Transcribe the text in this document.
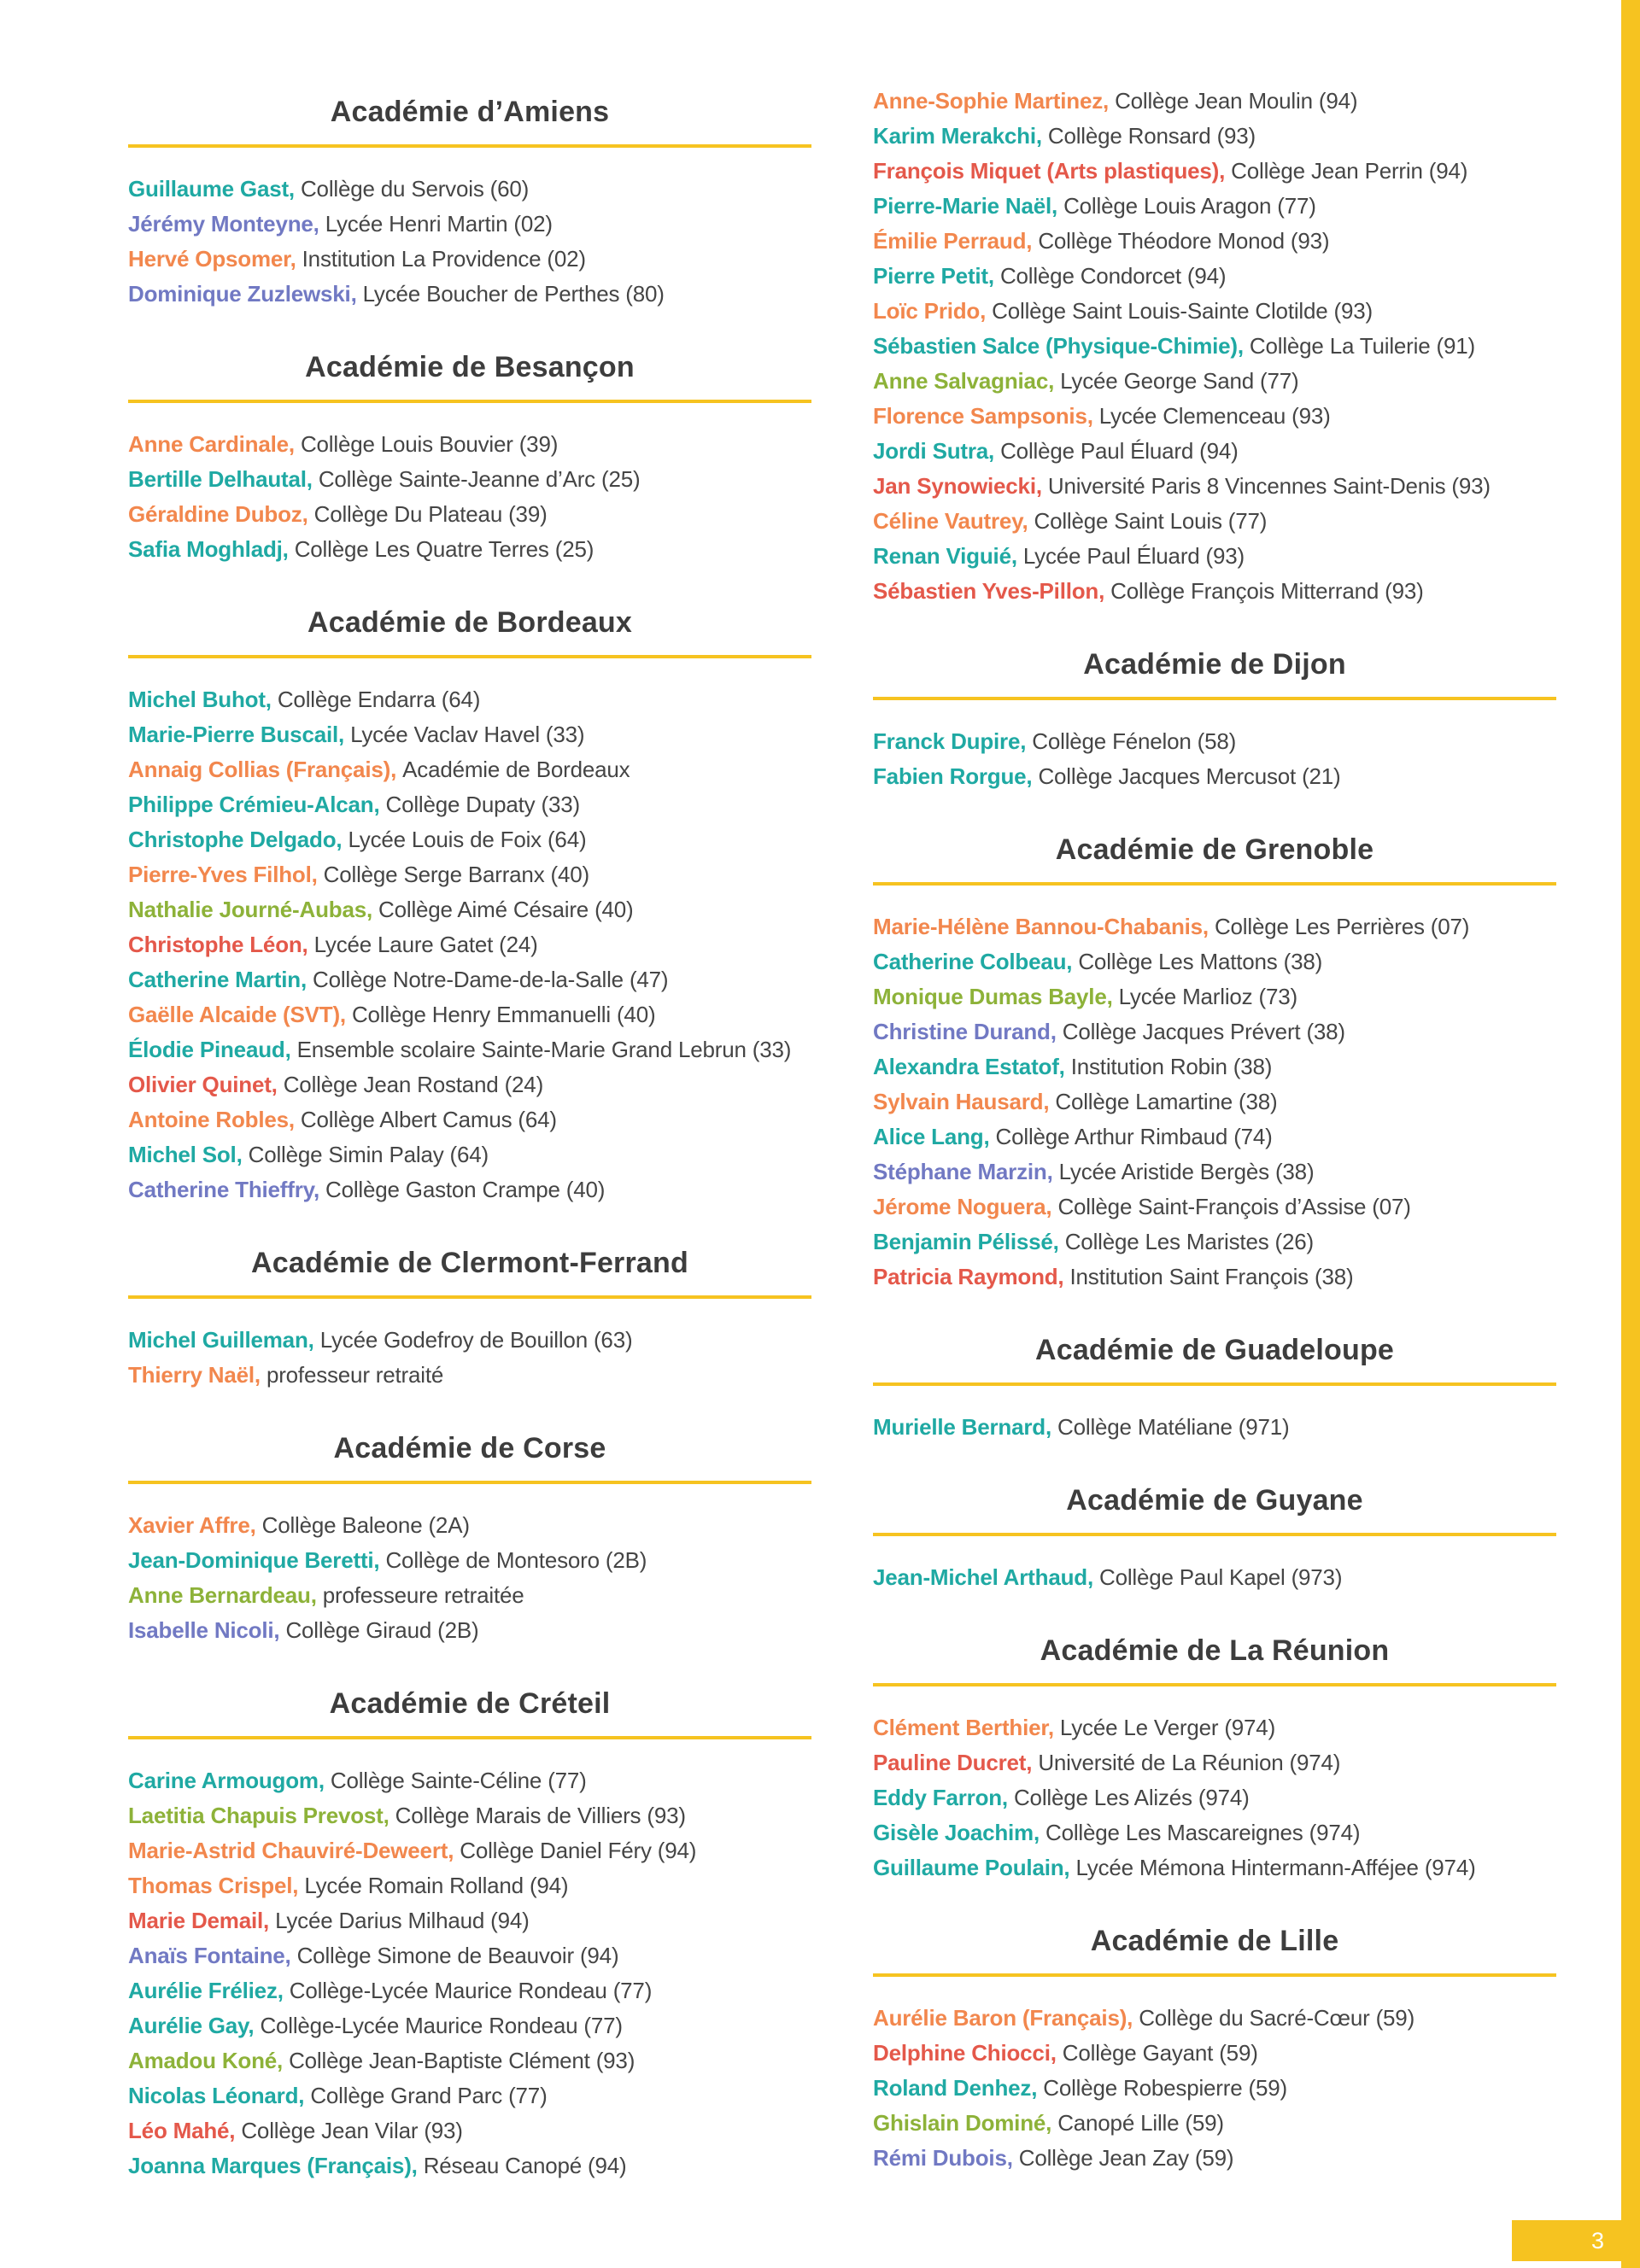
Académie d’Amiens

Guillaume Gast, Collège du Servois (60)

Jérémy Monteyne, Lycée Henri Martin (02)

Hervé Opsomer, Institution La Providence (02)

Dominique Zuzlewski, Lycée Boucher de Perthes (80)

Académie de Besançon

Anne Cardinale, Collège Louis Bouvier (39)

Bertille Delhautal, Collège Sainte-Jeanne d’Arc (25)

Géraldine Duboz, Collège Du Plateau (39)

Safia Moghladj, Collège Les Quatre Terres (25)

Académie de Bordeaux

Michel Buhot, Collège Endarra (64)

Marie-Pierre Buscail, Lycée Vaclav Havel (33)

Annaig Collias (Français), Académie de Bordeaux

Philippe Crémieu-Alcan, Collège Dupaty (33)

Christophe Delgado, Lycée Louis de Foix (64)

Pierre-Yves Filhol, Collège Serge Barranx (40)

Nathalie Journé-Aubas, Collège Aimé Césaire (40)

Christophe Léon, Lycée Laure Gatet (24)

Catherine Martin, Collège Notre-Dame-de-la-Salle (47)

Gaëlle Alcaide (SVT), Collège Henry Emmanuelli (40)

Élodie Pineaud, Ensemble scolaire Sainte-Marie Grand Lebrun (33)

Olivier Quinet, Collège Jean Rostand (24)

Antoine Robles, Collège Albert Camus (64)

Michel Sol, Collège Simin Palay (64)

Catherine Thieffry, Collège Gaston Crampe (40)

Académie de Clermont-Ferrand

Michel Guilleman, Lycée Godefroy de Bouillon (63)

Thierry Naël, professeur retraité

Académie de Corse

Xavier Affre, Collège Baleone (2A)

Jean-Dominique Beretti, Collège de Montesoro (2B)

Anne Bernardeau, professeure retraitée

Isabelle Nicoli, Collège Giraud (2B)

Académie de Créteil

Carine Armougom, Collège Sainte-Céline (77)

Laetitia Chapuis Prevost, Collège Marais de Villiers (93)

Marie-Astrid Chauviré-Deweert, Collège Daniel Féry (94)

Thomas Crispel, Lycée Romain Rolland (94)

Marie Demail, Lycée Darius Milhaud (94)

Anaïs Fontaine, Collège Simone de Beauvoir (94)

Aurélie Fréliez, Collège-Lycée Maurice Rondeau (77)

Aurélie Gay, Collège-Lycée Maurice Rondeau (77)

Amadou Koné, Collège Jean-Baptiste Clément (93)

Nicolas Léonard, Collège Grand Parc (77)

Léo Mahé, Collège Jean Vilar (93)

Joanna Marques (Français), Réseau Canopé (94)

Anne-Sophie Martinez, Collège Jean Moulin (94)

Karim Merakchi, Collège Ronsard (93)

François Miquet (Arts plastiques), Collège Jean Perrin (94)

Pierre-Marie Naël, Collège Louis Aragon (77)

Émilie Perraud, Collège Théodore Monod (93)

Pierre Petit, Collège Condorcet (94)

Loïc Prido, Collège Saint Louis-Sainte Clotilde (93)

Sébastien Salce (Physique-Chimie), Collège La Tuilerie (91)

Anne Salvagniac, Lycée George Sand (77)

Florence Sampsonis, Lycée Clemenceau (93)

Jordi Sutra, Collège Paul Éluard (94)

Jan Synowiecki, Université Paris 8 Vincennes Saint-Denis (93)

Céline Vautrey, Collège Saint Louis (77)

Renan Viguié, Lycée Paul Éluard (93)

Sébastien Yves-Pillon, Collège François Mitterrand (93)

Académie de Dijon

Franck Dupire, Collège Fénelon (58)

Fabien Rorgue, Collège Jacques Mercusot (21)

Académie de Grenoble

Marie-Hélène Bannou-Chabanis, Collège Les Perrières (07)

Catherine Colbeau, Collège Les Mattons (38)

Monique Dumas Bayle, Lycée Marlioz (73)

Christine Durand, Collège Jacques Prévert (38)

Alexandra Estatof, Institution Robin (38)

Sylvain Hausard, Collège Lamartine (38)

Alice Lang, Collège Arthur Rimbaud (74)

Stéphane Marzin, Lycée Aristide Bergès (38)

Jérome Noguera, Collège Saint-François d’Assise (07)

Benjamin Pélissé, Collège Les Maristes (26)

Patricia Raymond, Institution Saint François (38)

Académie de Guadeloupe

Murielle Bernard, Collège Matéliane (971)

Académie de Guyane

Jean-Michel Arthaud, Collège Paul Kapel (973)

Académie de La Réunion

Clément Berthier, Lycée Le Verger (974)

Pauline Ducret, Université de La Réunion (974)

Eddy Farron, Collège Les Alizés (974)

Gisèle Joachim, Collège Les Mascareignes (974)

Guillaume Poulain, Lycée Mémona Hintermann-Afféjee (974)

Académie de Lille

Aurélie Baron (Français), Collège du Sacré-Cœur (59)

Delphine Chiocci, Collège Gayant (59)

Roland Denhez, Collège Robespierre (59)

Ghislain Dominé, Canopé Lille (59)

Rémi Dubois, Collège Jean Zay (59)

3
